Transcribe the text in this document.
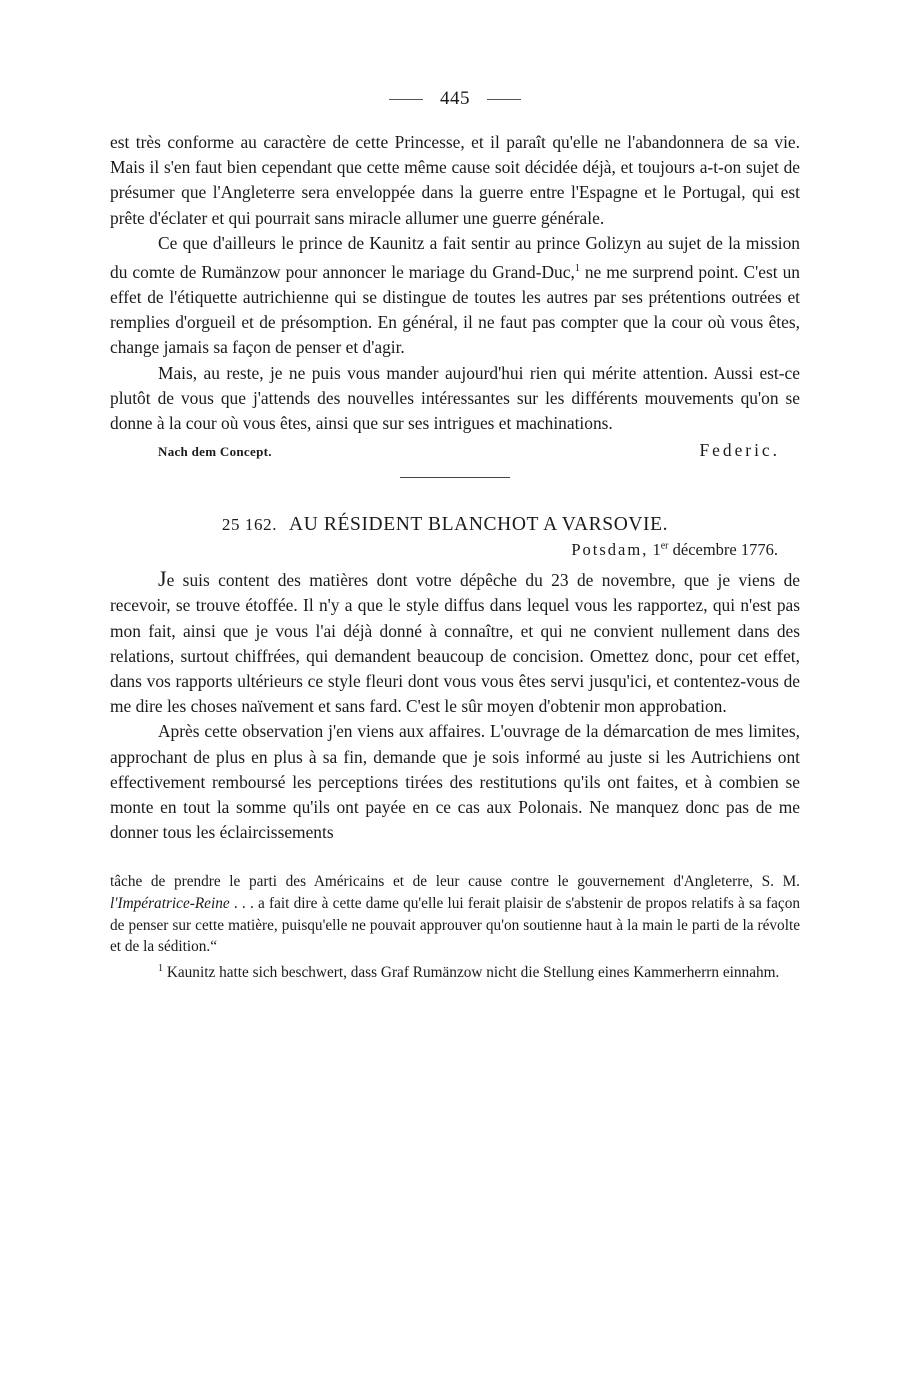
445

est très conforme au caractère de cette Princesse, et il paraît qu'elle ne l'abandonnera de sa vie. Mais il s'en faut bien cependant que cette même cause soit décidée déjà, et toujours a-t-on sujet de présumer que l'Angleterre sera enveloppée dans la guerre entre l'Espagne et le Portugal, qui est prête d'éclater et qui pourrait sans miracle allumer une guerre générale.

Ce que d'ailleurs le prince de Kaunitz a fait sentir au prince Golizyn au sujet de la mission du comte de Rumänzow pour annoncer le mariage du Grand-Duc,$^1$ ne me surprend point. C'est un effet de l'étiquette autrichienne qui se distingue de toutes les autres par ses prétentions outrées et remplies d'orgueil et de présomption. En général, il ne faut pas compter que la cour où vous êtes, change jamais sa façon de penser et d'agir.

Mais, au reste, je ne puis vous mander aujourd'hui rien qui mérite attention. Aussi est-ce plutôt de vous que j'attends des nouvelles intéressantes sur les différents mouvements qu'on se donne à la cour où vous êtes, ainsi que sur ses intrigues et machinations.

Nach dem Concept.	Federic.
25 162. AU RÉSIDENT BLANCHOT A VARSOVIE.
Potsdam, 1er décembre 1776.

Je suis content des matières dont votre dépêche du 23 de novembre, que je viens de recevoir, se trouve étoffée. Il n'y a que le style diffus dans lequel vous les rapportez, qui n'est pas mon fait, ainsi que je vous l'ai déjà donné à connaître, et qui ne convient nullement dans des relations, surtout chiffrées, qui demandent beaucoup de concision. Omettez donc, pour cet effet, dans vos rapports ultérieurs ce style fleuri dont vous vous êtes servi jusqu'ici, et contentez-vous de me dire les choses naïvement et sans fard. C'est le sûr moyen d'obtenir mon approbation.

Après cette observation j'en viens aux affaires. L'ouvrage de la démarcation de mes limites, approchant de plus en plus à sa fin, demande que je sois informé au juste si les Autrichiens ont effectivement remboursé les perceptions tirées des restitutions qu'ils ont faites, et à combien se monte en tout la somme qu'ils ont payée en ce cas aux Polonais. Ne manquez donc pas de me donner tous les éclaircissements

tâche de prendre le parti des Américains et de leur cause contre le gouvernement d'Angleterre, S. M. l'Impératrice-Reine . . . a fait dire à cette dame qu'elle lui ferait plaisir de s'abstenir de propos relatifs à sa façon de penser sur cette matière, puisqu'elle ne pouvait approuver qu'on soutienne haut à la main le parti de la révolte et de la sédition.“

$^1$ Kaunitz hatte sich beschwert, dass Graf Rumänzow nicht die Stellung eines Kammerherrn einnahm.
